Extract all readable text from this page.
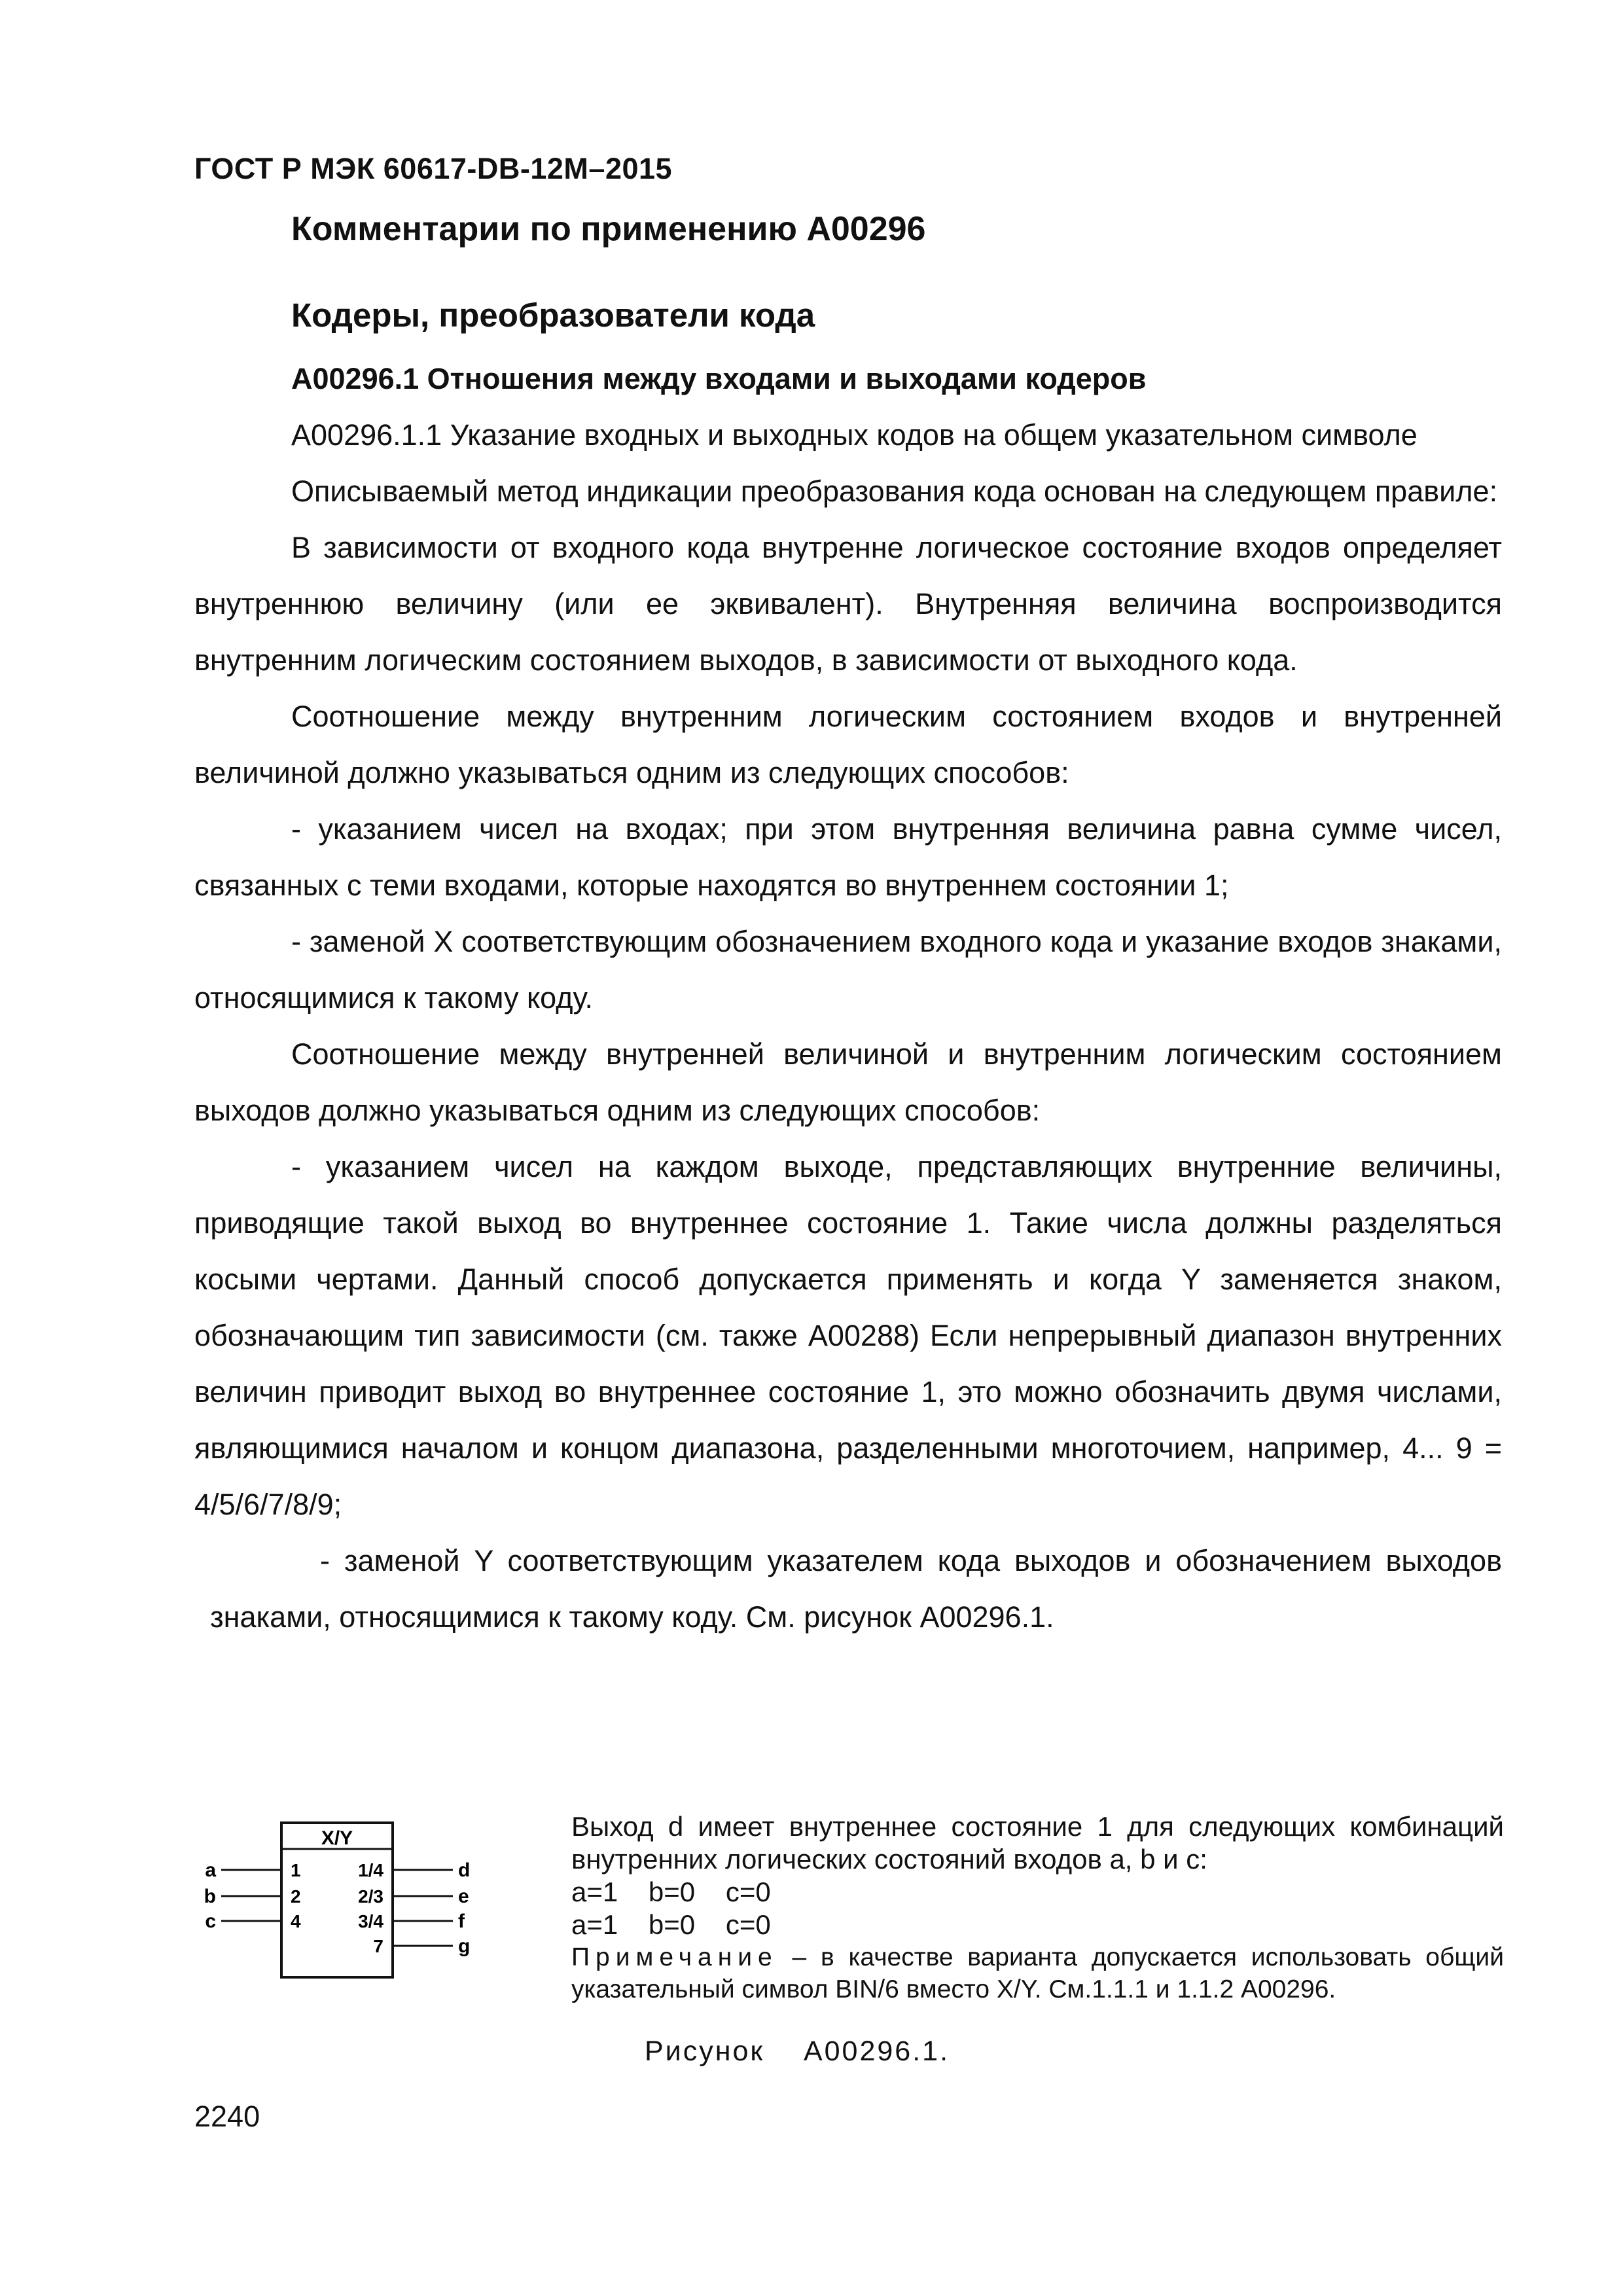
ГОСТ Р МЭК 60617-DB-12M–2015
Комментарии по применению A00296
Кодеры, преобразователи кода
A00296.1 Отношения между входами и выходами кодеров

A00296.1.1 Указание входных и выходных кодов на общем указательном символе

Описываемый метод индикации преобразования кода основан на следующем правиле:

В зависимости от входного кода внутренне логическое состояние входов определяет внутреннюю величину (или ее эквивалент). Внутренняя величина воспроизводится внутренним логическим состоянием выходов, в зависимости от выходного кода.

Соотношение между внутренним логическим состоянием входов и внутренней величиной должно указываться одним из следующих способов:

- указанием чисел на входах; при этом внутренняя величина равна сумме чисел, связанных с теми входами, которые находятся во внутреннем состоянии 1;

- заменой X соответствующим обозначением входного кода и указание входов знаками, относящимися к такому коду.

Соотношение между внутренней величиной и внутренним логическим состоянием выходов должно указываться одним из следующих способов:

- указанием чисел на каждом выходе, представляющих внутренние величины, приводящие такой выход во внутреннее состояние 1. Такие числа должны разделяться косыми чертами. Данный способ допускается применять и когда Y заменяется знаком, обозначающим тип зависимости (см. также A00288) Если непрерывный диапазон внутренних величин приводит выход во внутреннее состояние 1, это можно обозначить двумя числами, являющимися началом и концом диапазона, разделенными многоточием, например, 4... 9 = 4/5/6/7/8/9;

- заменой Y соответствующим указателем кода выходов и обозначением выходов знаками, относящимися к такому коду. См. рисунок A00296.1.

X/Y
a	1
b	2
c	4
1/4	d
2/3	e
3/4	f
7	g

Выход d имеет внутреннее состояние 1 для следующих комбинаций внутренних логических состояний входов a, b и c:

a=1    b=0    c=0

a=1    b=0    c=0

Примечание – в качестве варианта допускается использовать общий указательный символ BIN/6 вместо X/Y. См.1.1.1 и 1.1.2 A00296.

Рисунок    A00296.1.
2240
